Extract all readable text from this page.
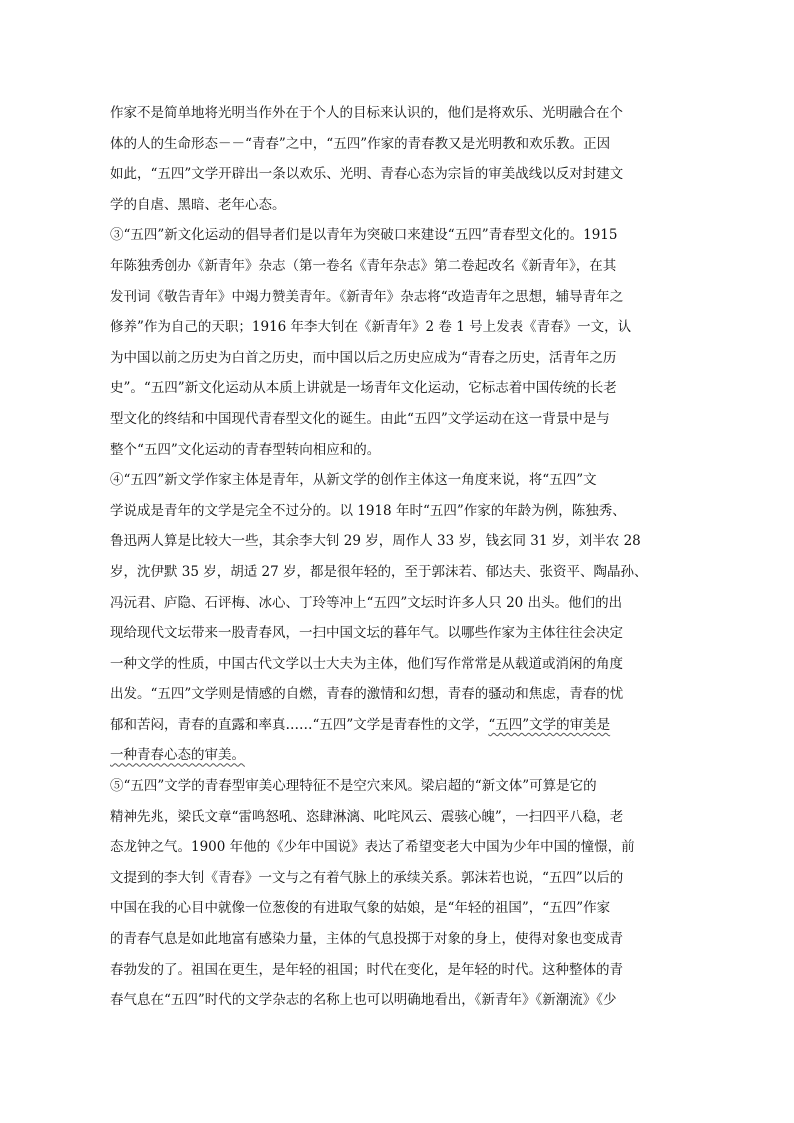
作家不是简单地将光明当作外在于个人的目标来认识的，他们是将欢乐、光明融合在个
体的人的生命形态－－“青春”之中，“五四”作家的青春教又是光明教和欢乐教。正因
如此，“五四”文学开辟出一条以欢乐、光明、青春心态为宗旨的审美战线以反对封建文
学的自虐、黑暗、老年心态。
③“五四”新文化运动的倡导者们是以青年为突破口来建设“五四”青春型文化的。1915
年陈独秀创办《新青年》杂志（第一卷名《青年杂志》第二卷起改名《新青年》，在其
发刊词《敬告青年》中竭力赞美青年。《新青年》杂志将“改造青年之思想，辅导青年之
修养”作为自己的天职；1916 年李大钊在《新青年》2 卷 1 号上发表《青春》一文，认
为中国以前之历史为白首之历史，而中国以后之历史应成为“青春之历史，活青年之历
史”。“五四”新文化运动从本质上讲就是一场青年文化运动，它标志着中国传统的长老
型文化的终结和中国现代青春型文化的诞生。由此“五四”文学运动在这一背景中是与
整个“五四”文化运动的青春型转向相应和的。
④“五四”新文学作家主体是青年，从新文学的创作主体这一角度来说，将“五四”文
学说成是青年的文学是完全不过分的。以 1918 年时“五四”作家的年龄为例，陈独秀、
鲁迅两人算是比较大一些，其余李大钊 29 岁，周作人 33 岁，钱玄同 31 岁，刘半农 28
岁，沈伊默 35 岁，胡适 27 岁，都是很年轻的，至于郭沫若、郁达夫、张资平、陶晶孙、
冯沅君、庐隐、石评梅、冰心、丁玲等冲上“五四”文坛时许多人只 20 出头。他们的出
现给现代文坛带来一股青春风，一扫中国文坛的暮年气。以哪些作家为主体往往会决定
一种文学的性质，中国古代文学以士大夫为主体，他们写作常常是从载道或消闲的角度
出发。“五四”文学则是情感的自燃，青春的激情和幻想，青春的骚动和焦虑，青春的忧
郁和苦闷，青春的直露和率真……“五四”文学是青春性的文学，“五四”文学的审美是
一种青春心态的审美。
⑤“五四”文学的青春型审美心理特征不是空穴来风。梁启超的“新文体”可算是它的
精神先兆，梁氏文章“雷鸣怒吼、恣肆淋漓、叱咤风云、震骇心魄”，一扫四平八稳，老
态龙钟之气。1900 年他的《少年中国说》表达了希望变老大中国为少年中国的憧憬，前
文提到的李大钊《青春》一文与之有着气脉上的承续关系。郭沫若也说，“五四”以后的
中国在我的心目中就像一位葱俊的有进取气象的姑娘，是“年轻的祖国”，“五四”作家
的青春气息是如此地富有感染力量，主体的气息投掷于对象的身上，使得对象也变成青
春勃发的了。祖国在更生，是年轻的祖国；时代在变化，是年轻的时代。这种整体的青
春气息在“五四”时代的文学杂志的名称上也可以明确地看出，《新青年》《新潮流》《少
